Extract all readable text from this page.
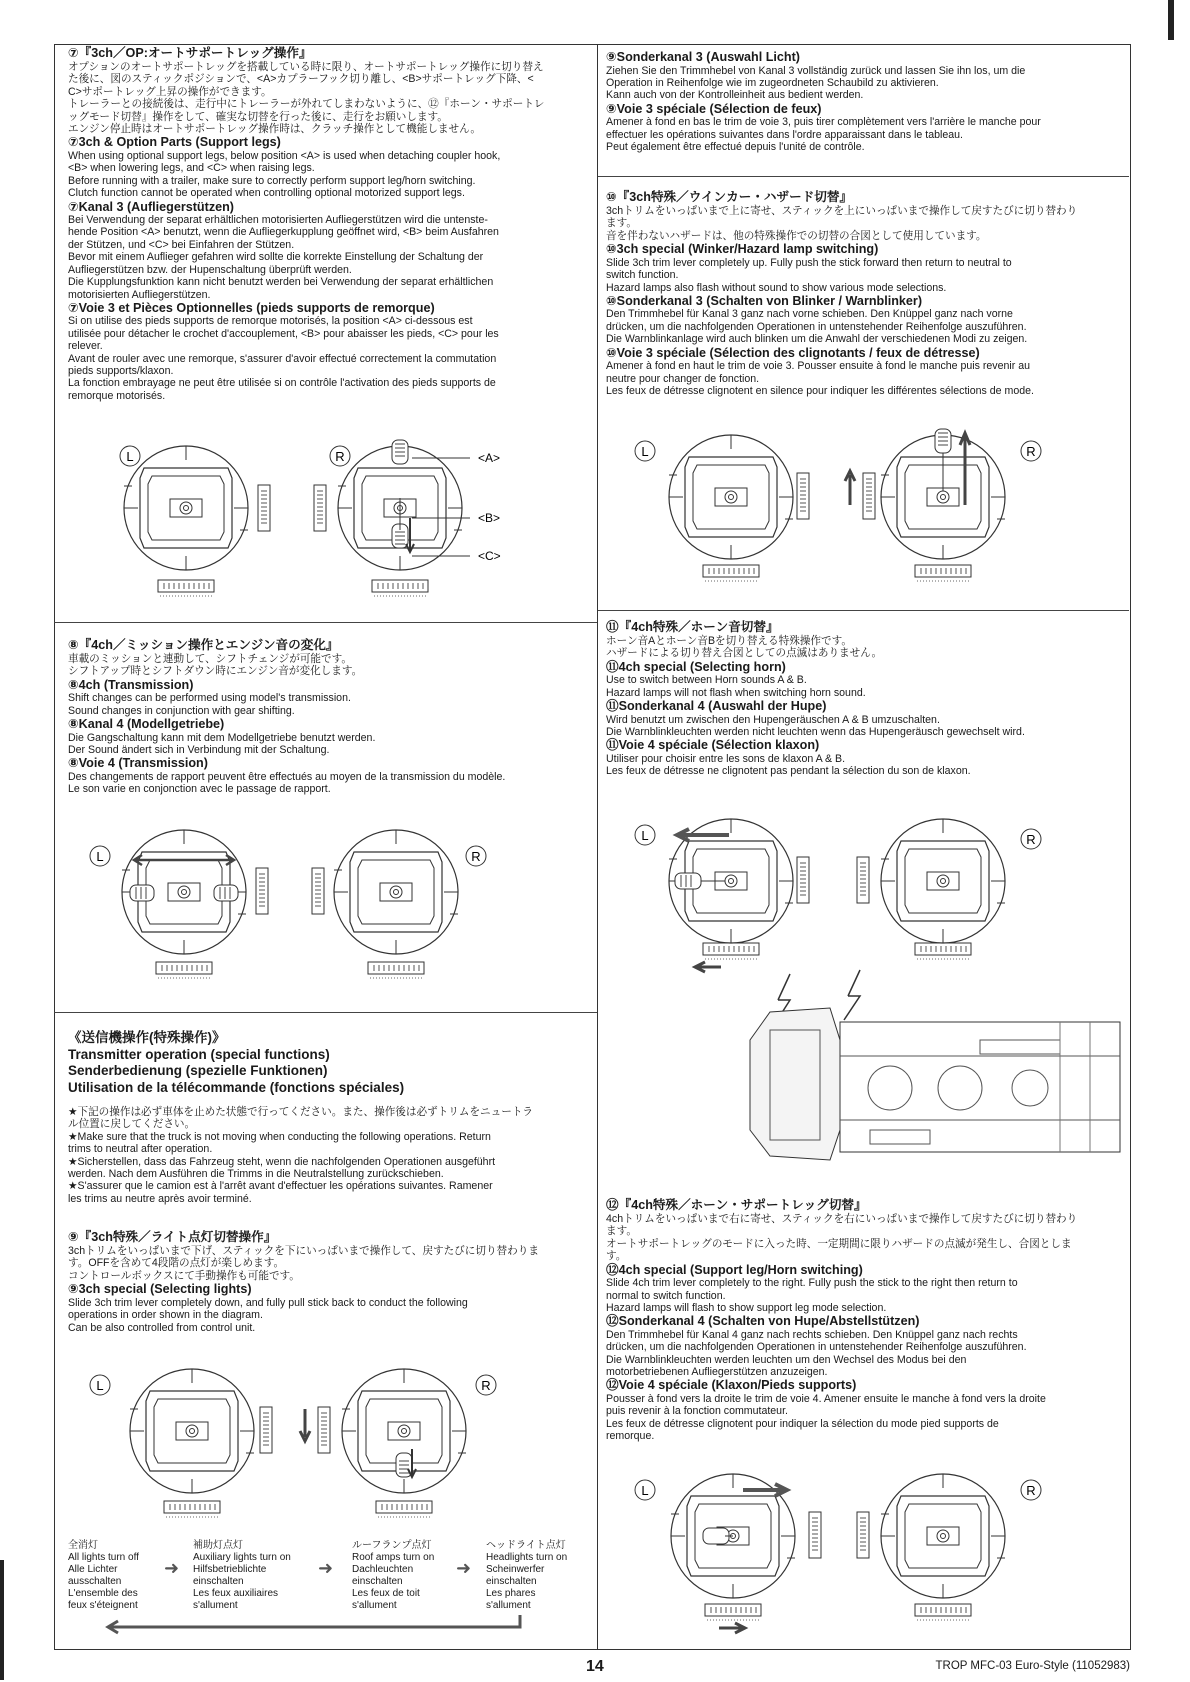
⑦『3ch／OP:オートサポートレッグ操作』

オプションのオートサポートレッグを搭載している時に限り、オートサポートレッグ操作に切り替え

た後に、図のスティックポジションで、<A>カプラーフック切り離し、<B>サポートレッグ下降、<

C>サポートレッグ上昇の操作ができます。

トレーラーとの接続後は、走行中にトレーラーが外れてしまわないように、⑫『ホーン・サポートレ

ッグモード切替』操作をして、確実な切替を行った後に、走行をお願いします。

エンジン停止時はオートサポートレッグ操作時は、クラッチ操作として機能しません。

⑦3ch & Option Parts (Support legs)

When using optional support legs, below position <A> is used when detaching coupler hook,

<B> when lowering legs, and <C> when raising legs.

Before running with a trailer, make sure to correctly perform support leg/horn switching.

Clutch function cannot be operated when controlling optional motorized support legs.

⑦Kanal 3 (Aufliegerstützen)

Bei Verwendung der separat erhältlichen motorisierten Aufliegerstützen wird die untenste-

hende Position <A> benutzt, wenn die Aufliegerkupplung geöffnet wird, <B> beim Ausfahren

der Stützen, und <C> bei Einfahren der Stützen.

Bevor mit einem Auflieger gefahren wird sollte die korrekte Einstellung der Schaltung der

Aufliegerstützen bzw. der Hupenschaltung überprüft werden.

Die Kupplungsfunktion kann nicht benutzt werden bei Verwendung der separat erhältlichen

motorisierten Aufliegerstützen.

⑦Voie 3 et Pièces Optionnelles (pieds supports de remorque)

Si on utilise des pieds supports de remorque motorisés, la position <A> ci-dessous est

utilisée pour détacher le crochet d'accouplement, <B> pour abaisser les pieds, <C> pour les

relever.

Avant de rouler avec une remorque, s'assurer d'avoir effectué correctement la commutation

pieds supports/klaxon.

La fonction embrayage ne peut être utilisée si on contrôle l'activation des pieds supports de

remorque motorisés.

L	R	<A>
<B>
<C>

⑧『4ch／ミッション操作とエンジン音の変化』

車載のミッションと連動して、シフトチェンジが可能です。

シフトアップ時とシフトダウン時にエンジン音が変化します。

⑧4ch (Transmission)

Shift changes can be performed using model's transmission.

Sound changes in conjunction with gear shifting.

⑧Kanal 4 (Modellgetriebe)

Die Gangschaltung kann mit dem Modellgetriebe benutzt werden.

Der Sound ändert sich in Verbindung mit der Schaltung.

⑧Voie 4 (Transmission)

Des changements de rapport peuvent être effectués au moyen de la transmission du modèle.

Le son varie en conjonction avec le passage de rapport.

L	R

《送信機操作(特殊操作)》

Transmitter operation (special functions)

Senderbedienung (spezielle Funktionen)

Utilisation de la télécommande (fonctions spéciales)

★下記の操作は必ず車体を止めた状態で行ってください。また、操作後は必ずトリムをニュートラ

ル位置に戻してください。

★Make sure that the truck is not moving when conducting the following operations. Return

trims to neutral after operation.

★Sicherstellen, dass das Fahrzeug steht, wenn die nachfolgenden Operationen ausgeführt

werden. Nach dem Ausführen die Trimms in die Neutralstellung zurückschieben.

★S'assurer que le camion est à l'arrêt avant d'effectuer les opérations suivantes. Ramener

les trims au neutre après avoir terminé.

⑨『3ch特殊／ライト点灯切替操作』

3chトリムをいっぱいまで下げ、スティックを下にいっぱいまで操作して、戻すたびに切り替わりま

す。OFFを含めて4段階の点灯が楽しめます。

コントロールボックスにて手動操作も可能です。

⑨3ch special (Selecting lights)

Slide 3ch trim lever completely down, and fully pull stick back to conduct the following

operations in order shown in the diagram.

Can be also controlled from control unit.

L	R
全消灯
All lights turn off
Alle Lichter
ausschalten
L'ensemble des
feux s'éteignent
➜
補助灯点灯
Auxiliary lights turn on
Hilfsbetrieblichte
einschalten
Les feux auxiliaires
s'allument
➜
ルーフランプ点灯
Roof amps turn on
Dachleuchten
einschalten
Les feux de toit
s'allument
➜
ヘッドライト点灯
Headlights turn on
Scheinwerfer
einschalten
Les phares
s'allument

⑨Sonderkanal 3 (Auswahl Licht)

Ziehen Sie den Trimmhebel von Kanal 3 vollständig zurück und lassen Sie ihn los, um die

Operation in Reihenfolge wie im zugeordneten Schaubild zu aktivieren.

Kann auch von der Kontrolleinheit aus bedient werden.

⑨Voie 3 spéciale (Sélection de feux)

Amener à fond en bas le trim de voie 3, puis tirer complètement vers l'arrière le manche pour

effectuer les opérations suivantes dans l'ordre apparaissant dans le tableau.

Peut également être effectué depuis l'unité de contrôle.

⑩『3ch特殊／ウインカー・ハザード切替』

3chトリムをいっぱいまで上に寄せ、スティックを上にいっぱいまで操作して戻すたびに切り替わり

ます。

音を伴わないハザードは、他の特殊操作での切替の合図として使用しています。

⑩3ch special (Winker/Hazard lamp switching)

Slide 3ch trim lever completely up. Fully push the stick forward then return to neutral to

switch function.

Hazard lamps also flash without sound to show various mode selections.

⑩Sonderkanal 3 (Schalten von Blinker / Warnblinker)

Den Trimmhebel für Kanal 3 ganz nach vorne schieben. Den Knüppel ganz nach vorne

drücken, um die nachfolgenden Operationen in untenstehender Reihenfolge auszuführen.

Die Warnblinkanlage wird auch blinken um die Anwahl der verschiedenen Modi zu zeigen.

⑩Voie 3 spéciale (Sélection des clignotants / feux de détresse)

Amener à fond en haut le trim de voie 3. Pousser ensuite à fond le manche puis revenir au

neutre pour changer de fonction.

Les feux de détresse clignotent en silence pour indiquer les différentes sélections de mode.

L	R

⑪『4ch特殊／ホーン音切替』

ホーン音Aとホーン音Bを切り替える特殊操作です。

ハザードによる切り替え合図としての点滅はありません。

⑪4ch special (Selecting horn)

Use to switch between Horn sounds A & B.

Hazard lamps will not flash when switching horn sound.

⑪Sonderkanal 4 (Auswahl der Hupe)

Wird benutzt um zwischen den Hupengeräuschen A & B umzuschalten.

Die Warnblinkleuchten werden nicht leuchten wenn das Hupengeräusch gewechselt wird.

⑪Voie 4 spéciale (Sélection klaxon)

Utiliser pour choisir entre les sons de klaxon A & B.

Les feux de détresse ne clignotent pas pendant la sélection du son de klaxon.

L	R

⑫『4ch特殊／ホーン・サポートレッグ切替』

4chトリムをいっぱいまで右に寄せ、スティックを右にいっぱいまで操作して戻すたびに切り替わり

ます。

オートサポートレッグのモードに入った時、一定期間に限りハザードの点滅が発生し、合図としま

す。

⑫4ch special (Support leg/Horn switching)

Slide 4ch trim lever completely to the right. Fully push the stick to the right then return to

normal to switch function.

Hazard lamps will flash to show support leg mode selection.

⑫Sonderkanal 4 (Schalten von Hupe/Abstellstützen)

Den Trimmhebel für Kanal 4 ganz nach rechts schieben. Den Knüppel ganz nach rechts

drücken, um die nachfolgenden Operationen in untenstehender Reihenfolge auszuführen.

Die Warnblinkleuchten werden leuchten um den Wechsel des Modus bei den

motorbetriebenen Aufliegerstützen anzuzeigen.

⑫Voie 4 spéciale (Klaxon/Pieds supports)

Pousser à fond vers la droite le trim de voie 4. Amener ensuite le manche à fond vers la droite

puis revenir à la fonction commutateur.

Les feux de détresse clignotent pour indiquer la sélection du mode pied supports de

remorque.

L	R
14	TROP MFC-03 Euro-Style (11052983)
